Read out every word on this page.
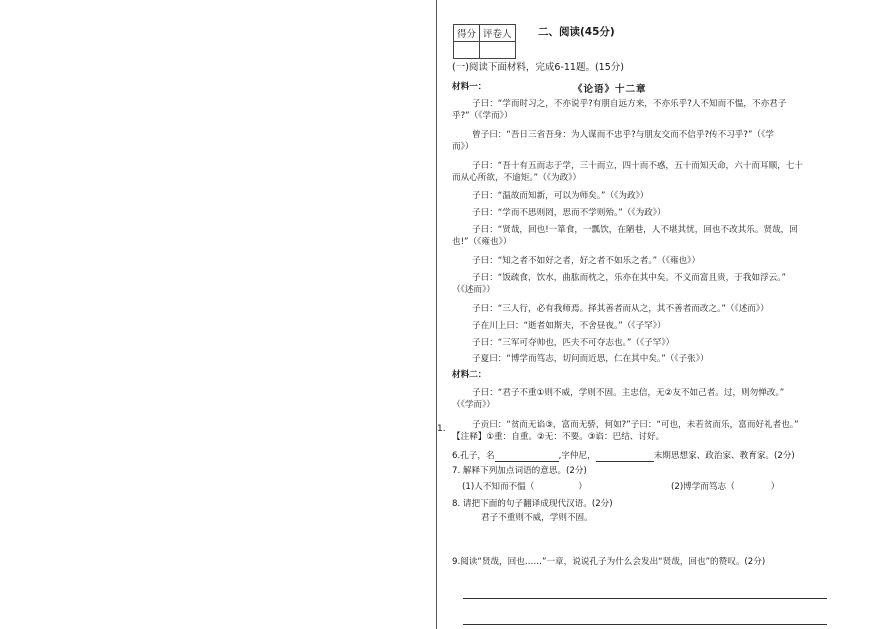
1.
得分	评卷人
		二、阅读(45分)
(一)阅读下面材料，完成6-11题。(15分)
材料一：	《论语》十二章
子曰：“学而时习之，不亦说乎?有朋自远方来，不亦乐乎?人不知而不愠，不亦君子
乎?”（《学而》）
曾子曰：“吾日三省吾身：为人谋而不忠乎?与朋友交而不信乎?传不习乎?”（《学
而》）
子曰：“吾十有五而志于学，三十而立，四十而不惑，五十而知天命，六十而耳顺，七十
而从心所欲，不逾矩。”（《为政》）
子曰：“温故而知新，可以为师矣。”（《为政》）
子曰：“学而不思则罔，思而不学则殆。”（《为政》）
子曰：“贤哉，回也!一箪食，一瓢饮，在陋巷，人不堪其忧，回也不改其乐。贤哉，回
也!”（《雍也》）
子曰：“知之者不如好之者，好之者不如乐之者。”（《雍也》）
子曰：“饭疏食，饮水，曲肱而枕之，乐亦在其中矣。不义而富且贵，于我如浮云。”
（《述而》）
子曰：“三人行，必有我师焉。择其善者而从之，其不善者而改之。”（《述而》）
子在川上曰：“逝者如斯夫，不舍昼夜。”（《子罕》）
子曰：“三军可夺帅也，匹夫不可夺志也。”（《子罕》）
子夏曰：“博学而笃志，切问而近思，仁在其中矣。”（《子张》）
材料二：
子曰：“君子不重①则不威，学则不固。主忠信，无②友不如己者。过，则勿惮改。”
（《学而》）
子贡曰：“贫而无谄③，富而无骄，何如?”子曰：“可也，未若贫而乐，富而好礼者也。”
【注释】①重：自重。②无：不要。③谄：巴结、讨好。
6.孔子，名	,字仲尼，	末期思想家、政治家、教育家。(2分)
7. 解释下列加点词语的意思。(2分)
(1)人不知而不愠（	）	(2)博学而笃志（	）
8. 请把下面的句子翻译成现代汉语。(2分)
君子不重则不威，学则不固。
9.阅读“贤哉，回也……”一章，说说孔子为什么会发出“贤哉，回也”的赞叹。(2分)
